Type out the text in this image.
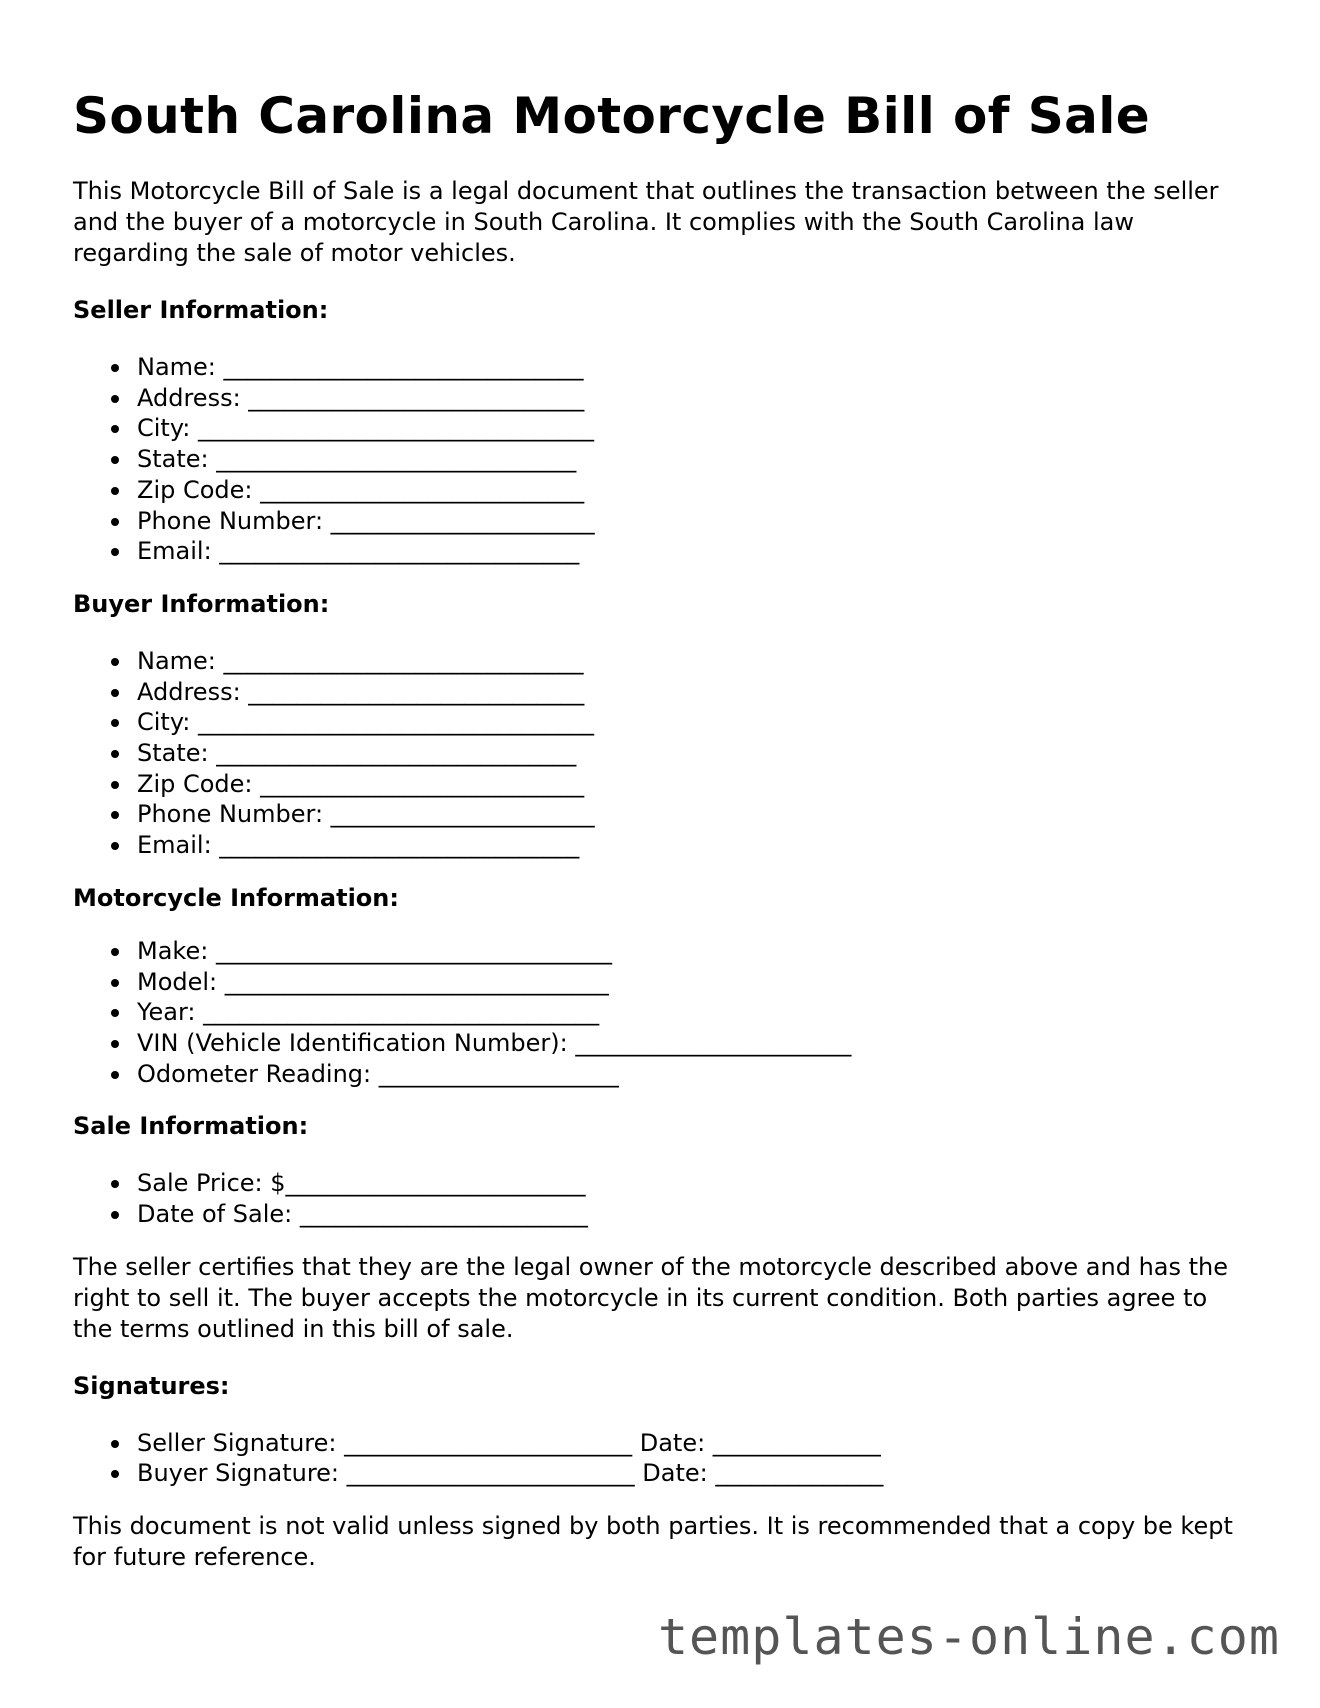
South Carolina Motorcycle Bill of Sale

This Motorcycle Bill of Sale is a legal document that outlines the transaction between the seller and the buyer of a motorcycle in South Carolina. It complies with the South Carolina law regarding the sale of motor vehicles.

Seller Information:
Name: ______________________________
Address: ____________________________
City: _________________________________
State: ______________________________
Zip Code: ___________________________
Phone Number: ______________________
Email: ______________________________
Buyer Information:
Name: ______________________________
Address: ____________________________
City: _________________________________
State: ______________________________
Zip Code: ___________________________
Phone Number: ______________________
Email: ______________________________
Motorcycle Information:
Make: _________________________________
Model: ________________________________
Year: _________________________________
VIN (Vehicle Identification Number): _______________________
Odometer Reading: ____________________
Sale Information:
Sale Price: $_________________________
Date of Sale: ________________________

The seller certifies that they are the legal owner of the motorcycle described above and has the right to sell it. The buyer accepts the motorcycle in its current condition. Both parties agree to the terms outlined in this bill of sale.

Signatures:
Seller Signature: ________________________ Date: ______________
Buyer Signature: ________________________ Date: ______________

This document is not valid unless signed by both parties. It is recommended that a copy be kept for future reference.

templates-online.com
